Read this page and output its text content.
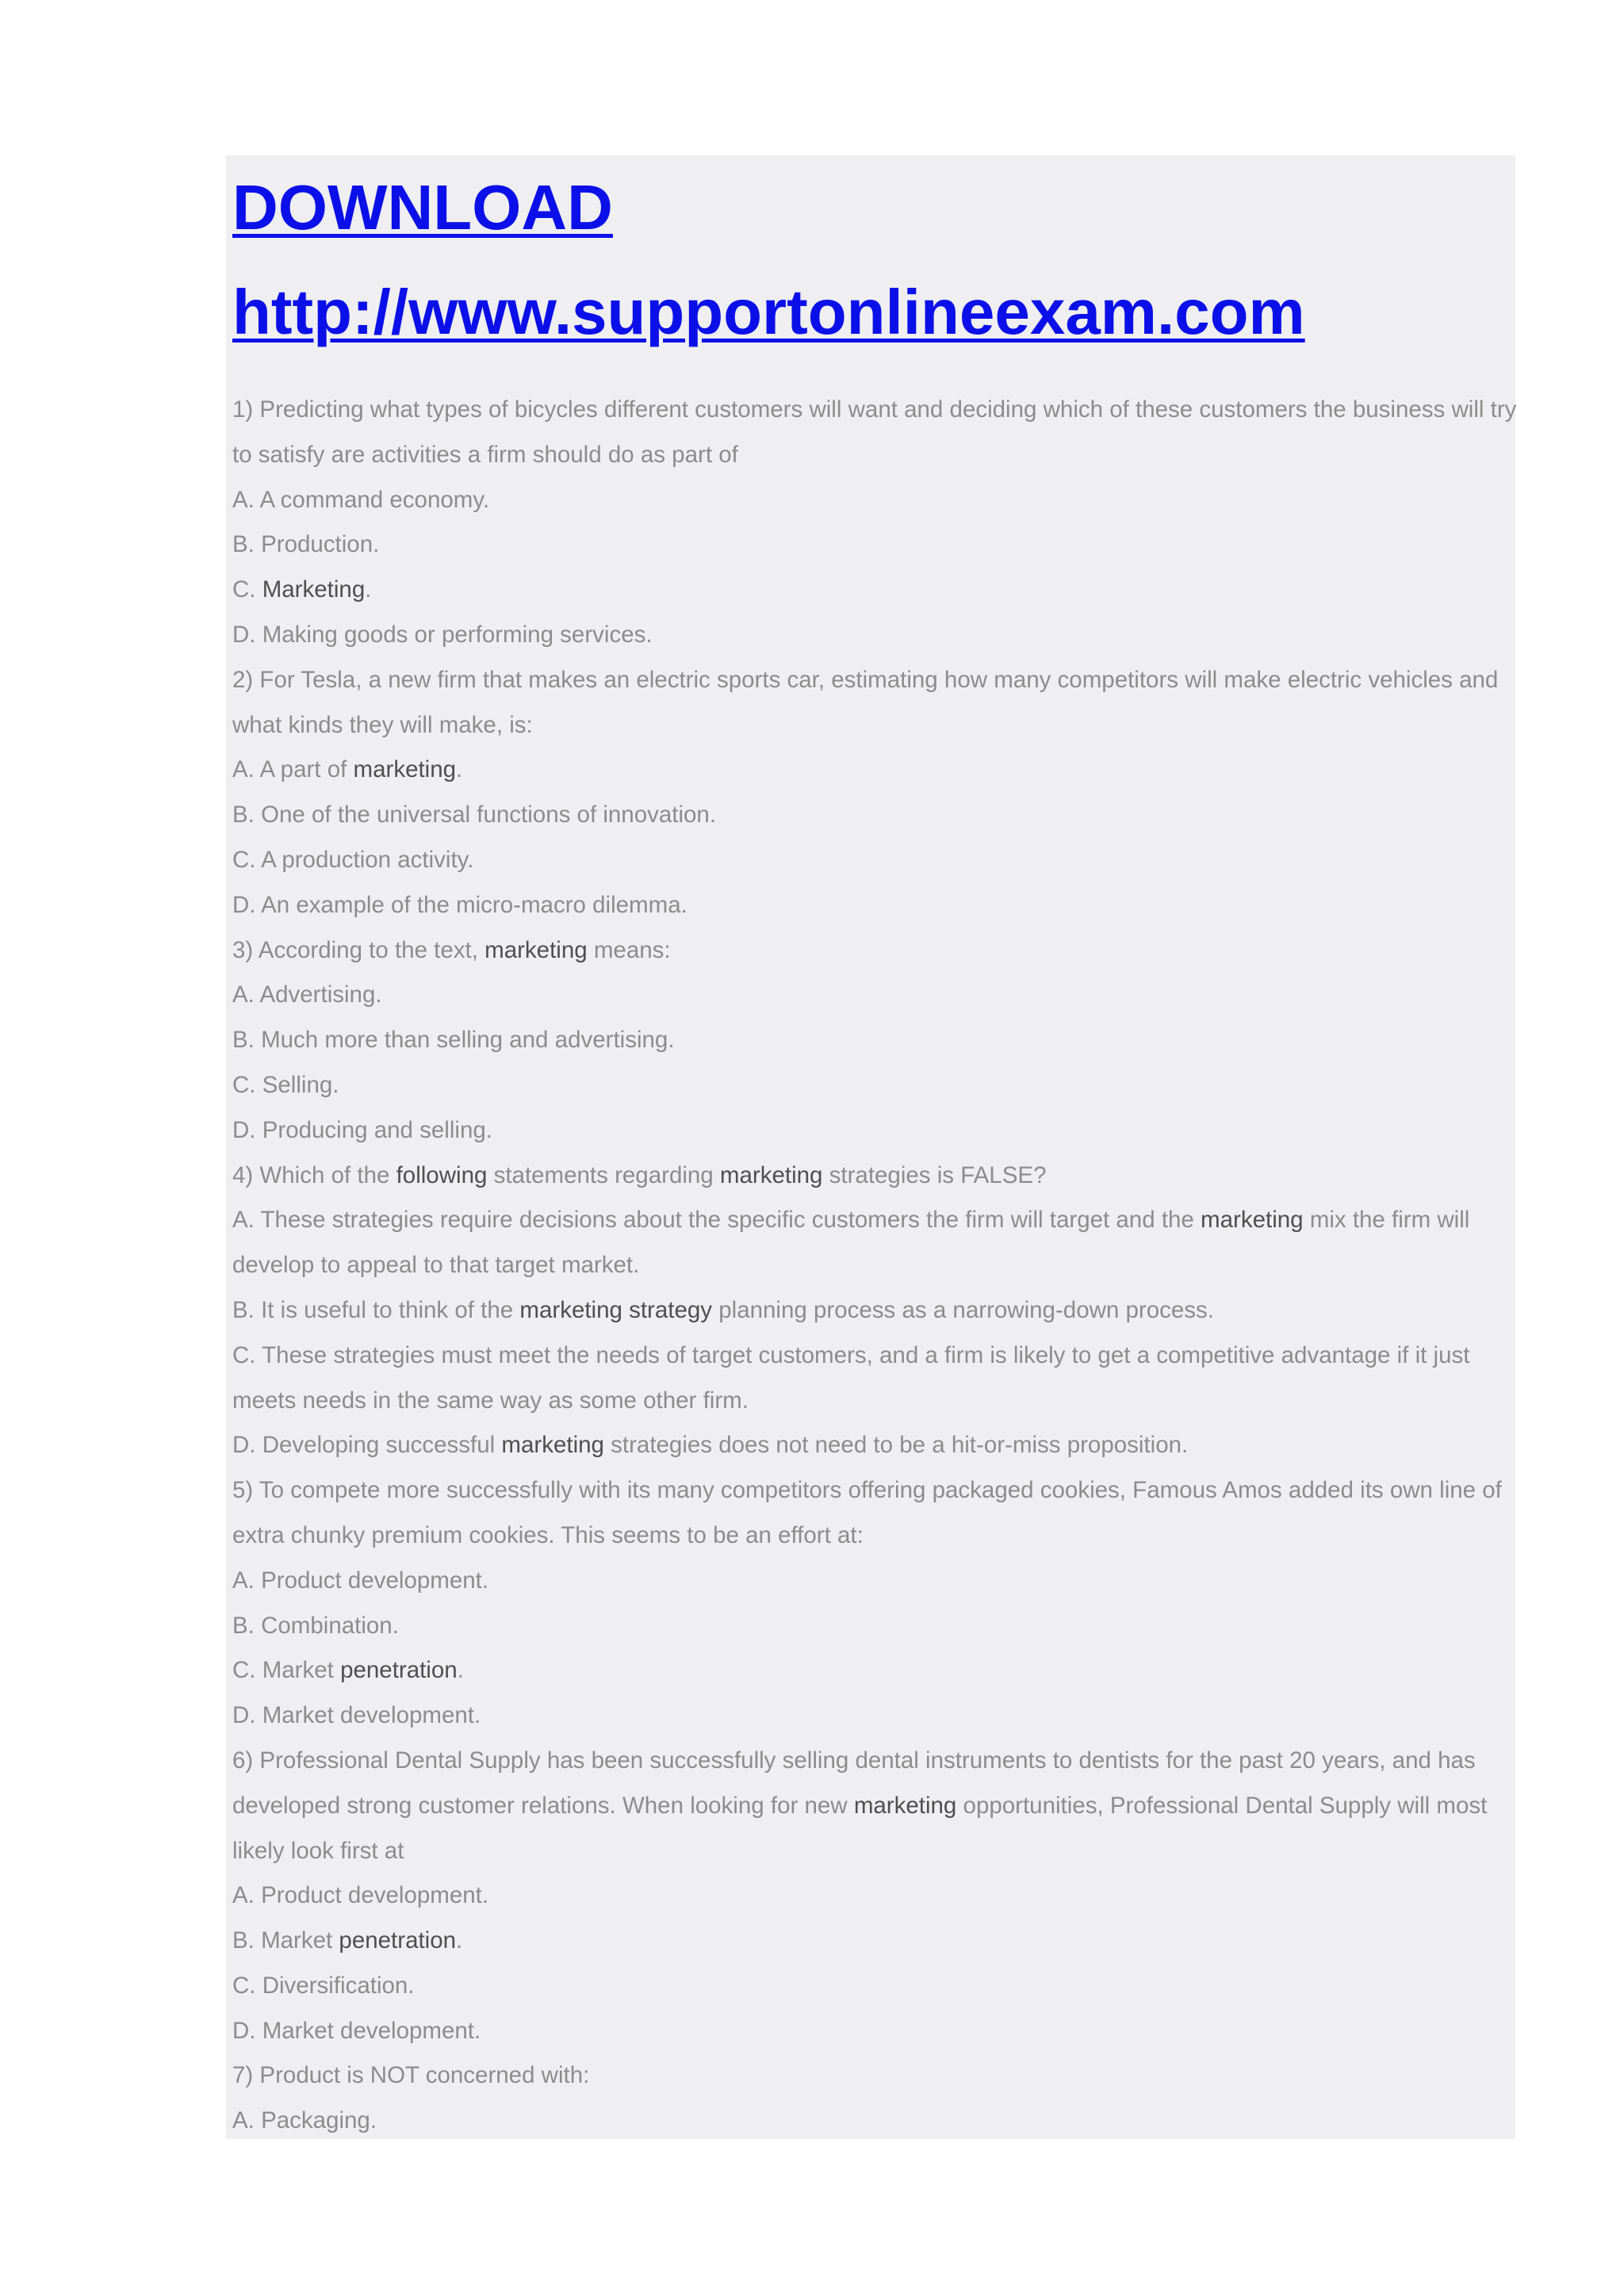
DOWNLOAD
http://www.supportonlineexam.com

1) Predicting what types of bicycles different customers will want and deciding which of these customers the business will try to satisfy are activities a firm should do as part of

A. A command economy.

B. Production.

C. Marketing.

D. Making goods or performing services.

2) For Tesla, a new firm that makes an electric sports car, estimating how many competitors will make electric vehicles and what kinds they will make, is:

A. A part of marketing.

B. One of the universal functions of innovation.

C. A production activity.

D. An example of the micro-macro dilemma.

3) According to the text, marketing means:

A. Advertising.

B. Much more than selling and advertising.

C. Selling.

D. Producing and selling.

4) Which of the following statements regarding marketing strategies is FALSE?

A. These strategies require decisions about the specific customers the firm will target and the marketing mix the firm will develop to appeal to that target market.

B. It is useful to think of the marketing strategy planning process as a narrowing-down process.

C. These strategies must meet the needs of target customers, and a firm is likely to get a competitive advantage if it just meets needs in the same way as some other firm.

D. Developing successful marketing strategies does not need to be a hit-or-miss proposition.

5) To compete more successfully with its many competitors offering packaged cookies, Famous Amos added its own line of extra chunky premium cookies. This seems to be an effort at:

A. Product development.

B. Combination.

C. Market penetration.

D. Market development.

6) Professional Dental Supply has been successfully selling dental instruments to dentists for the past 20 years, and has developed strong customer relations. When looking for new marketing opportunities, Professional Dental Supply will most likely look first at

A. Product development.

B. Market penetration.

C. Diversification.

D. Market development.

7) Product is NOT concerned with:

A. Packaging.
